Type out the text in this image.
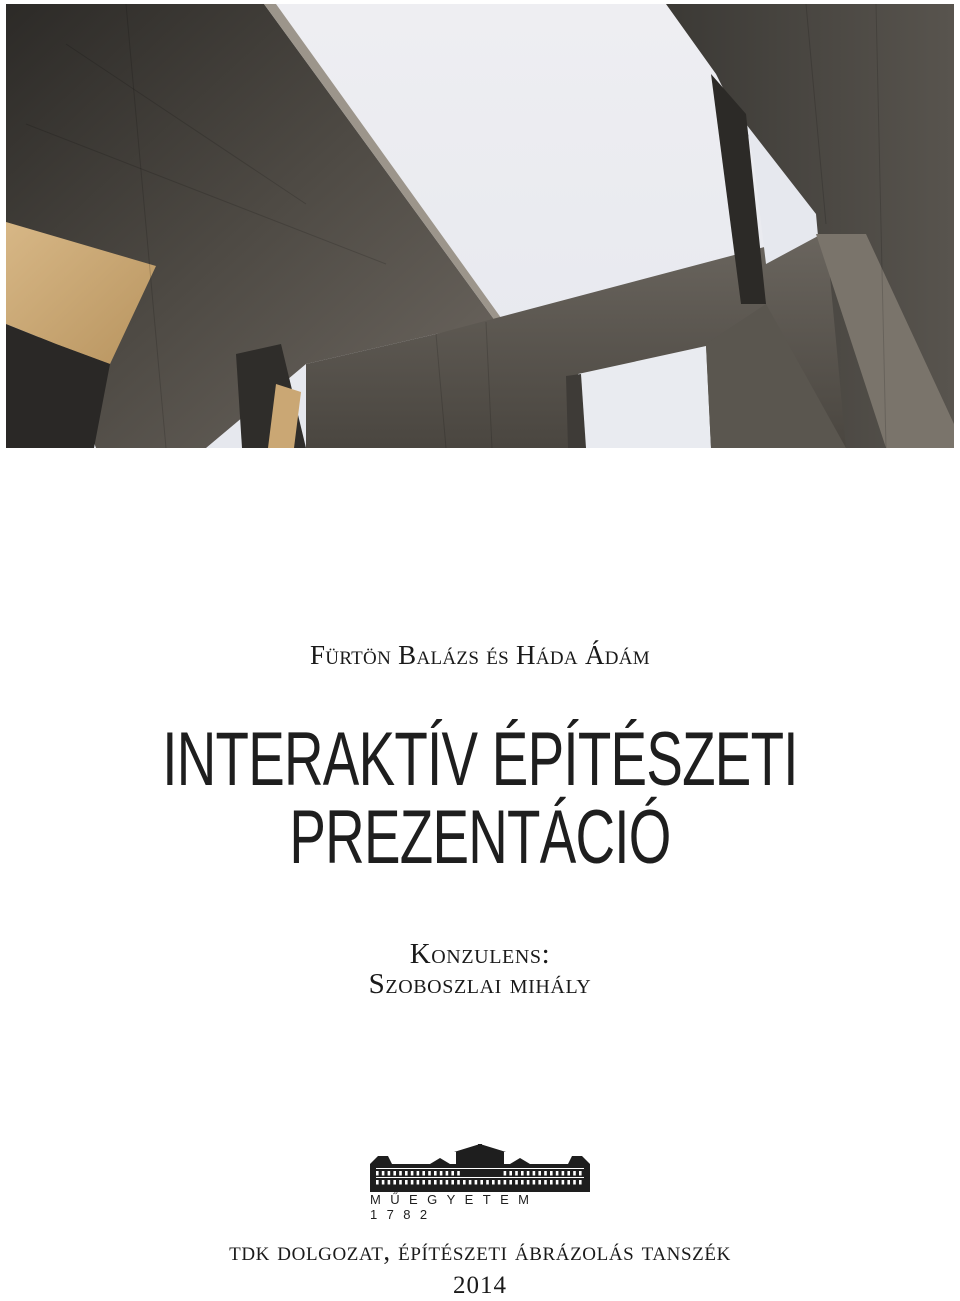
Fürtön Balázs és Háda Ádám
INTERAKTÍV ÉPÍTÉSZETI
PREZENTÁCIÓ
Konzulens:
Szoboszlai mihály
MŰEGYETEM 1782
tdk dolgozat, építészeti ábrázolás tanszék
2014
